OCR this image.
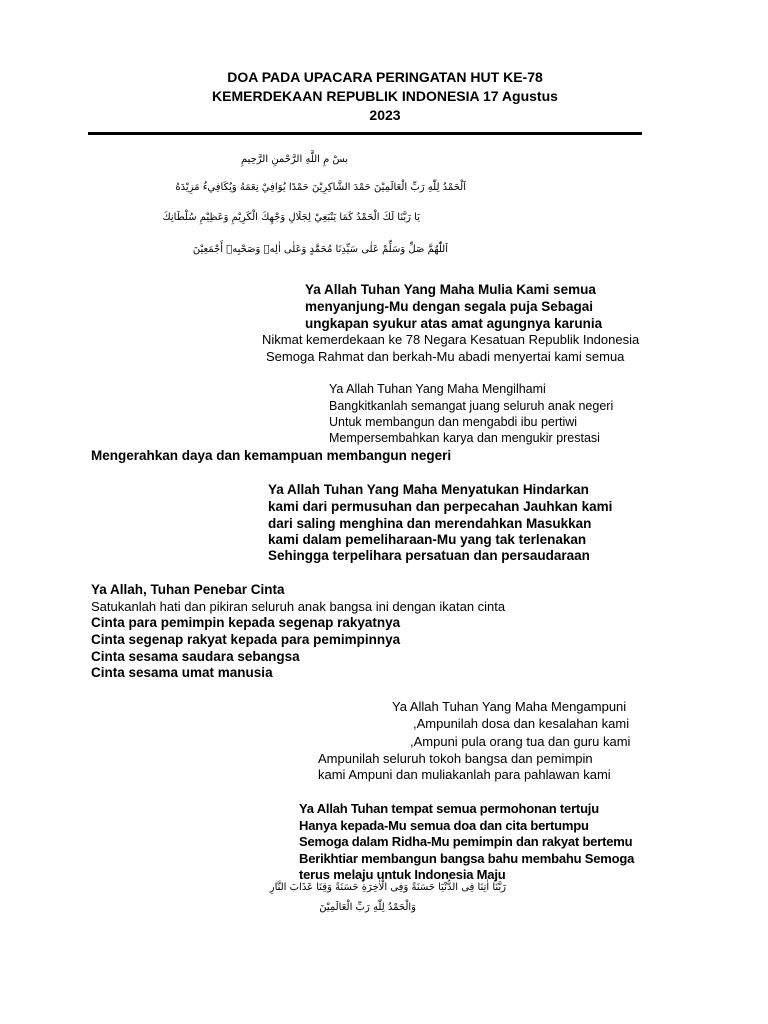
DOA PADA UPACARA PERINGATAN HUT KE-78
KEMERDEKAAN REPUBLIK INDONESIA 17 Agustus
2023
بسْ مِ اللَّهِ الرَّحْمنِ الرَّحِيمِ
اَلْحَمْدُ لِلّٰهِ رَبِّ الْعَالَمِيْنَ حَمْدَ الشَّاكِرِيْنَ حَمْدًا يُوَافِيْ نِعَمَهُ وَيُكَافِيءُ مَزِيْدَهُ
يَا رَبَّنَا لَكَ الْحَمْدُ كَمَا يَنْبَغِيْ لِجَلَالِ وَجْهِكَ الْكَرِيْمِ وَعَظِيْمِ سُلْطَانِكَ
اَللّٰهُمَّ صَلِّ وَسَلِّمْ عَلٰى سَيِّدِنَا مُحَمَّدٍ وَعَلٰى اٰلِهٖ وَصَحْبِهٖ أَجْمَعِيْنَ
Ya Allah Tuhan Yang Maha Mulia Kami semua
menyanjung-Mu dengan segala puja Sebagai
ungkapan syukur atas amat agungnya karunia
Nikmat kemerdekaan ke 78 Negara Kesatuan Republik Indonesia
Semoga Rahmat dan berkah-Mu abadi menyertai kami semua
Ya Allah Tuhan Yang Maha Mengilhami
Bangkitkanlah semangat juang seluruh anak negeri
Untuk membangun dan mengabdi ibu pertiwi
Mempersembahkan karya dan mengukir prestasi
Mengerahkan daya dan kemampuan membangun negeri
Ya Allah Tuhan Yang Maha Menyatukan Hindarkan
kami dari permusuhan dan perpecahan Jauhkan kami
dari saling menghina dan merendahkan Masukkan
kami dalam pemeliharaan-Mu yang tak terlenakan
Sehingga terpelihara persatuan dan persaudaraan
Ya Allah, Tuhan Penebar Cinta
Satukanlah hati dan pikiran seluruh anak bangsa ini dengan ikatan cinta
Cinta para pemimpin kepada segenap rakyatnya
Cinta segenap rakyat kepada para pemimpinnya
Cinta sesama saudara sebangsa
Cinta sesama umat manusia
Ya Allah Tuhan Yang Maha Mengampuni
,Ampunilah dosa dan kesalahan kami
,Ampuni pula orang tua dan guru kami
Ampunilah seluruh tokoh bangsa dan pemimpin
kami Ampuni dan muliakanlah para pahlawan kami
Ya Allah Tuhan tempat semua permohonan tertuju
Hanya kepada-Mu semua doa dan cita bertumpu
Semoga dalam Ridha-Mu pemimpin dan rakyat bertemu
Berikhtiar membangun bangsa bahu membahu Semoga
terus melaju untuk Indonesia Maju
رَبَّنَا اٰتِنَا فِى الدُّنْيَا حَسَنَةً وَفِى الْاٰخِرَةِ حَسَنَةً وَقِنَا عَذَابَ النَّارِ
وَالْحَمْدُ لِلّٰهِ رَبِّ الْعَالَمِيْنَ
